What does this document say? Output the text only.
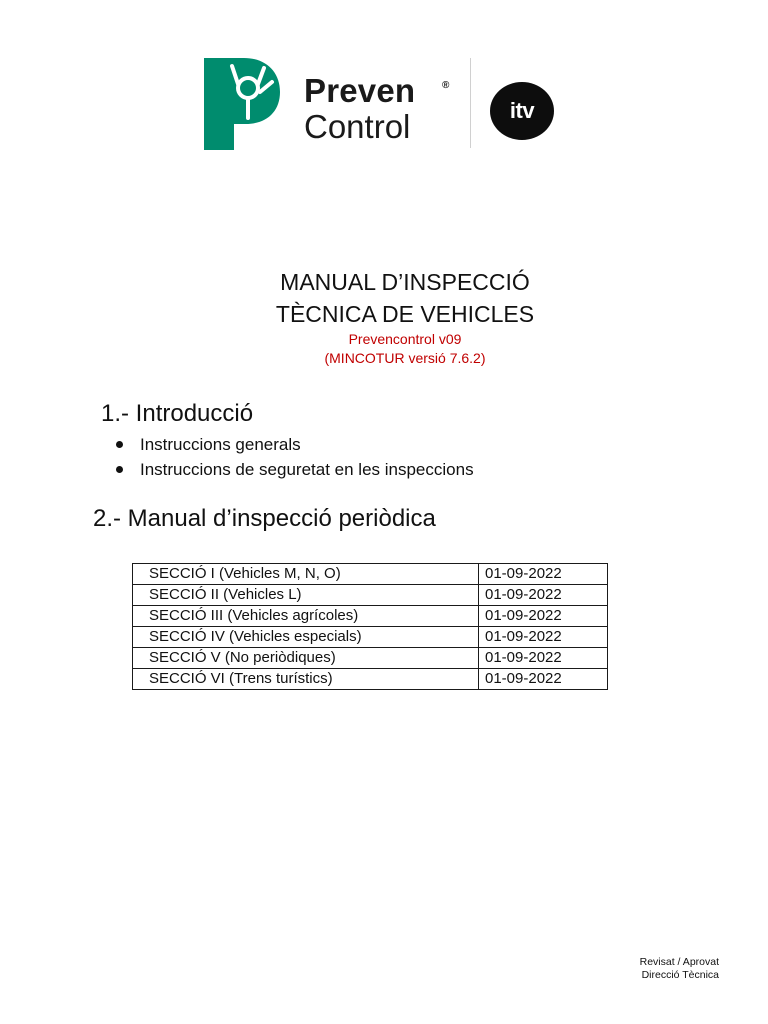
Preven	®
Control	itv
MANUAL D’INSPECCIÓ
TÈCNICA DE VEHICLES
Prevencontrol v09
(MINCOTUR versió 7.6.2)
1.- Introducció
Instruccions generals
Instruccions de seguretat en les inspeccions
2.- Manual d’inspecció periòdica
SECCIÓ I (Vehicles M, N, O)	01-09-2022
SECCIÓ II (Vehicles L)	01-09-2022
SECCIÓ III (Vehicles agrícoles)	01-09-2022
SECCIÓ IV (Vehicles especials)	01-09-2022
SECCIÓ V (No periòdiques)	01-09-2022
SECCIÓ VI (Trens turístics)	01-09-2022
Revisat / Aprovat
Direcció Tècnica
